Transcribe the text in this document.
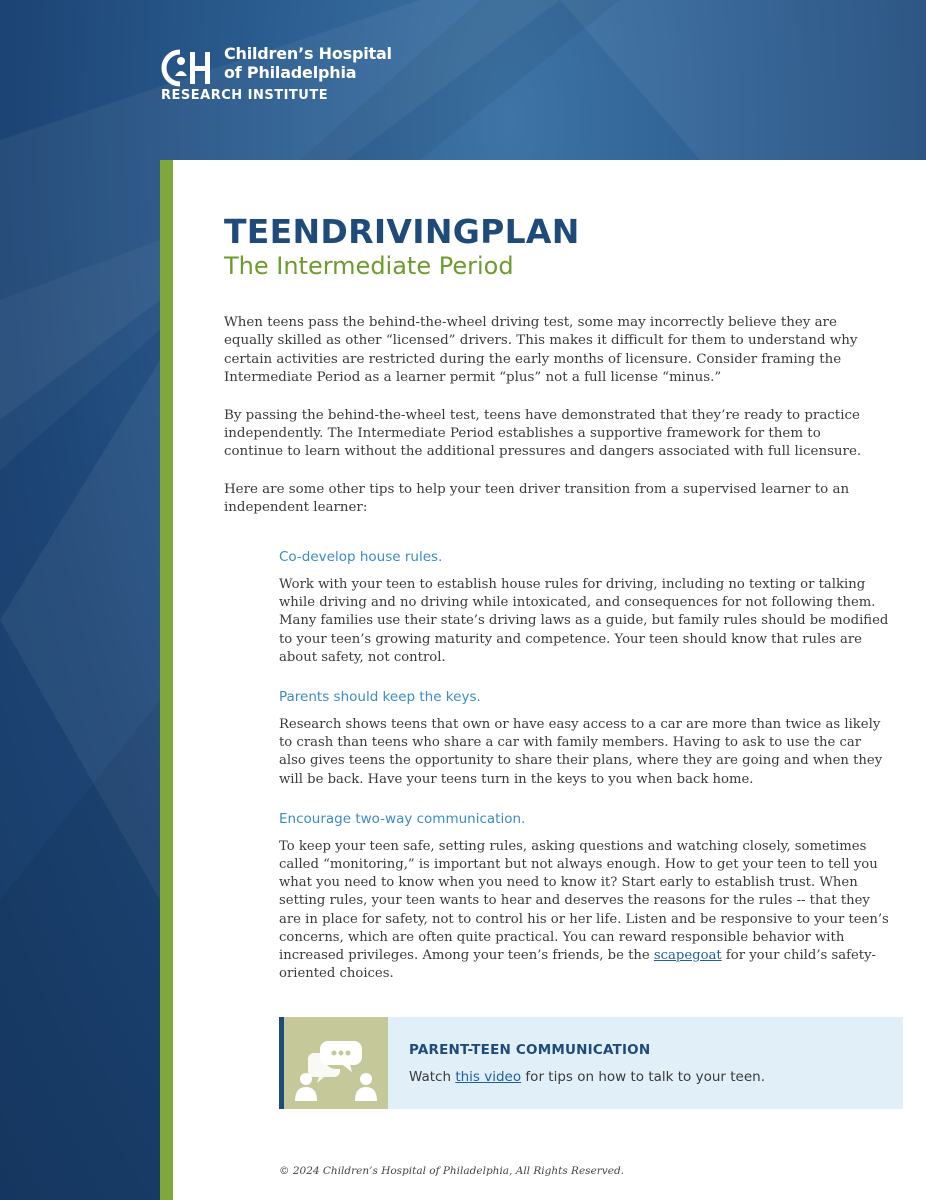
Children’s Hospital
of Philadelphia
RESEARCH INSTITUTE
TEENDRIVINGPLAN
The Intermediate Period

When teens pass the behind-the-wheel driving test, some may incorrectly believe they are equally skilled as other “licensed” drivers. This makes it difficult for them to understand why certain activities are restricted during the early months of licensure. Consider framing the Intermediate Period as a learner permit “plus” not a full license “minus.”

By passing the behind-the-wheel test, teens have demonstrated that they’re ready to practice independently. The Intermediate Period establishes a supportive framework for them to continue to learn without the additional pressures and dangers associated with full licensure.

Here are some other tips to help your teen driver transition from a supervised learner to an independent learner:

Co-develop house rules.
Work with your teen to establish house rules for driving, including no texting or talking while driving and no driving while intoxicated, and consequences for not following them. Many families use their state’s driving laws as a guide, but family rules should be modified to your teen’s growing maturity and competence. Your teen should know that rules are about safety, not control.
Parents should keep the keys.
Research shows teens that own or have easy access to a car are more than twice as likely to crash than teens who share a car with family members. Having to ask to use the car also gives teens the opportunity to share their plans, where they are going and when they will be back. Have your teens turn in the keys to you when back home.
Encourage two-way communication.
To keep your teen safe, setting rules, asking questions and watching closely, sometimes called “monitoring,” is important but not always enough. How to get your teen to tell you what you need to know when you need to know it? Start early to establish trust. When setting rules, your teen wants to hear and deserves the reasons for the rules -- that they are in place for safety, not to control his or her life. Listen and be responsive to your teen’s concerns, which are often quite practical. You can reward responsible behavior with increased privileges. Among your teen’s friends, be the scapegoat for your child’s safety-oriented choices.
PARENT-TEEN COMMUNICATION
Watch this video for tips on how to talk to your teen.
© 2024 Children’s Hospital of Philadelphia, All Rights Reserved.
